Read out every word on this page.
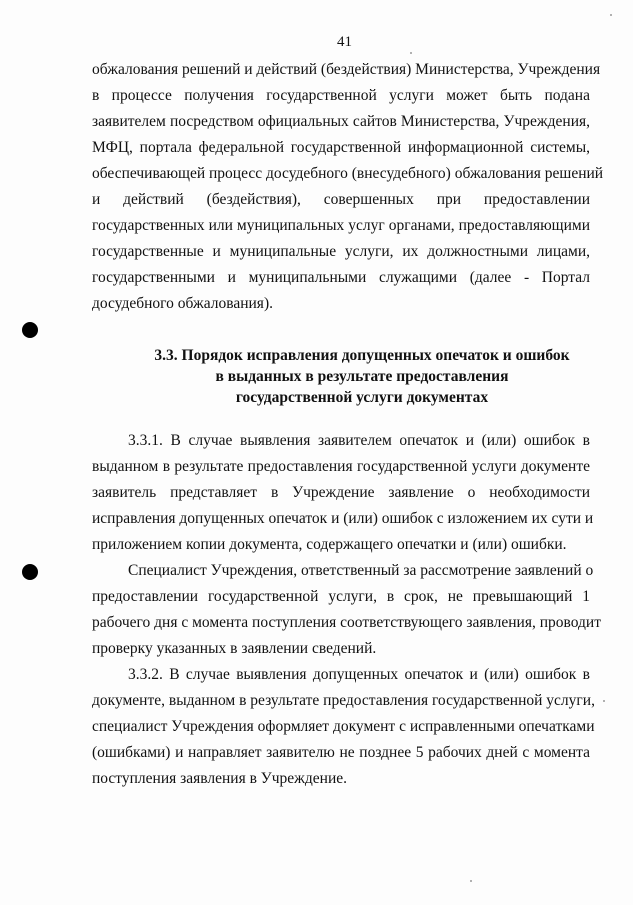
41
обжалования решений и действий (бездействия) Министерства, Учреждения
в процессе получения государственной услуги может быть подана
заявителем посредством официальных сайтов Министерства, Учреждения,
МФЦ, портала федеральной государственной информационной системы,
обеспечивающей процесс досудебного (внесудебного) обжалования решений
и действий (бездействия), совершенных при предоставлении
государственных или муниципальных услуг органами, предоставляющими
государственные и муниципальные услуги, их должностными лицами,
государственными и муниципальными служащими (далее - Портал
досудебного обжалования).
3.3. Порядок исправления допущенных опечаток и ошибок
в выданных в результате предоставления
государственной услуги документах
3.3.1. В случае выявления заявителем опечаток и (или) ошибок в
выданном в результате предоставления государственной услуги документе
заявитель представляет в Учреждение заявление о необходимости
исправления допущенных опечаток и (или) ошибок с изложением их сути и
приложением копии документа, содержащего опечатки и (или) ошибки.
Специалист Учреждения, ответственный за рассмотрение заявлений о
предоставлении государственной услуги, в срок, не превышающий 1
рабочего дня с момента поступления соответствующего заявления, проводит
проверку указанных в заявлении сведений.
3.3.2. В случае выявления допущенных опечаток и (или) ошибок в
документе, выданном в результате предоставления государственной услуги,
специалист Учреждения оформляет документ с исправленными опечатками
(ошибками) и направляет заявителю не позднее 5 рабочих дней с момента
поступления заявления в Учреждение.
